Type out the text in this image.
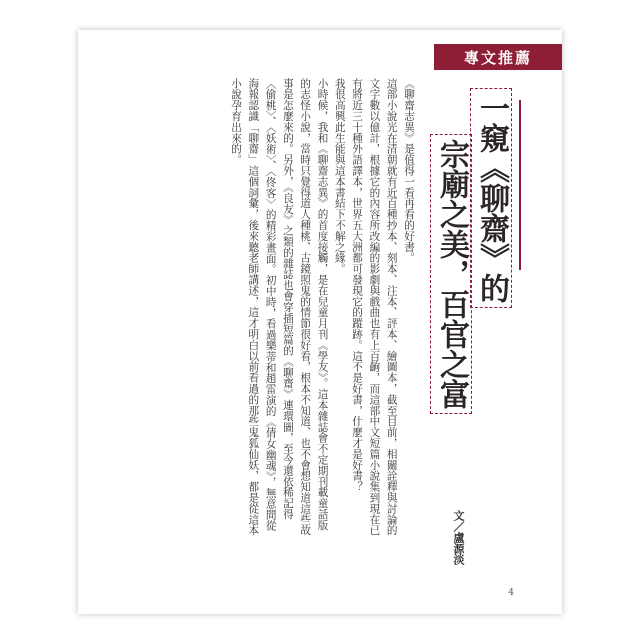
專文推薦
一窺《聊齋》的
宗廟之美，百官之富

《聊齋志異》是值得一看再看的好書。

這部小說光在清朝就有近百種抄本、刻本、注本、評本、繪圖本，截至目前，相關詮釋與討論的文字數以億計，根據它的內容所改編的影劇與戲曲也有上百齣，而這部中文短篇小說集到現在已有將近三十種外語譯本，世界五大洲都可發現它的蹤跡。這不是好書，什麼才是好書？

我很高興此生能與這本書結下不解之緣。

小時候，我和《聊齋志異》的首度接觸，是在兒童月刊《學友》。這本雜誌會不定期刊載童話版的志怪小說，當時只覺得道人種桃、古鏡照鬼的情節很好看，根本不知道、也不會想知道這些故事是怎麼來的。另外，《良友》之類的雜誌也會穿插短篇的《聊齋》連環圖，至今還依稀記得〈偷桃〉、〈妖術〉、〈佟客〉的精彩畫面。初中時，看過樂蒂和趙雷演的《倩女幽魂》，無意間從海報認識「聊齋」這個詞彙，後來聽老師講述，這才明白以前看過的那些鬼狐仙妖，都是從這本小說孕育出來的。

文／盧源淡
4
